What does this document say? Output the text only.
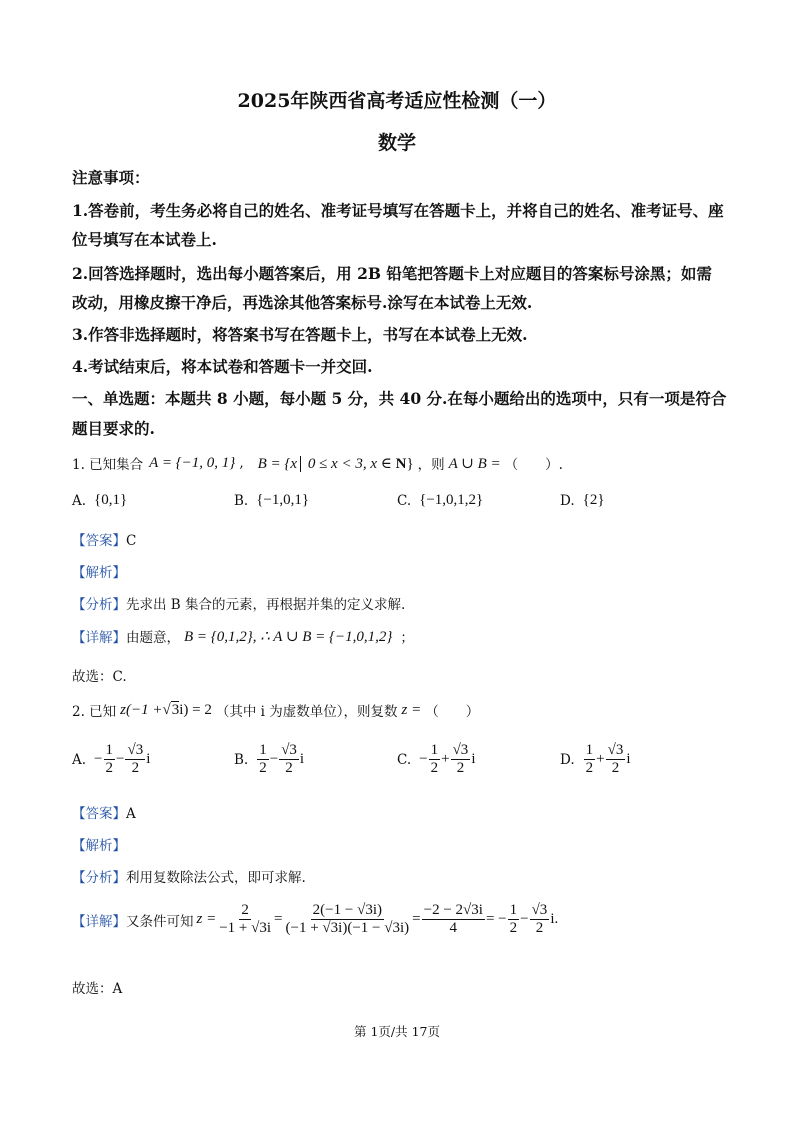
2025年陕西省高考适应性检测（一）
数学
注意事项：
1.答卷前，考生务必将自己的姓名、准考证号填写在答题卡上，并将自己的姓名、准考证号、座
位号填写在本试卷上.
2.回答选择题时，选出每小题答案后，用 2B 铅笔把答题卡上对应题目的答案标号涂黑；如需
改动，用橡皮擦干净后，再选涂其他答案标号.涂写在本试卷上无效.
3.作答非选择题时，将答案书写在答题卡上，书写在本试卷上无效.
4.考试结束后，将本试卷和答题卡一并交回.
一、单选题：本题共 8 小题，每小题 5 分，共 40 分.在每小题给出的选项中，只有一项是符合
题目要求的.
1. 已知集合 A = {−1, 0, 1} , B = {x 0 ≤ x < 3, x ∈ N} ，则 A ∪ B = （　　）.
A. {0,1}	B. {−1,0,1}	C. {−1,0,1,2}	D. {2}
【答案】C
【解析】
【分析】先求出 B 集合的元素，再根据并集的定义求解.
【详解】 由题意， B = {0,1,2}, ∴ A ∪ B = {−1,0,1,2} ；
故选：C.
2. 已知 z(−1 + √ 3 i) = 2 （其中 i 为虚数单位），则复数 z = （　　）
A. − $\frac{1}{2} - \frac{√3}{2}$ i	B. $\frac{1}{2} - \frac{√3}{2}$ i	C. − $\frac{1}{2} + \frac{√3}{2}$ i	D. $\frac{1}{2} + \frac{√3}{2}$ i
【答案】A
【解析】
【分析】利用复数除法公式，即可求解.
【详解】 又条件可知 $z = \frac{2}{-1 + √3i} = \frac{2(-1 - √3i)}{(-1 + √3i)(-1 - √3i)} = \frac{-2 - 2√3i}{4}$ = − $\frac{1}{2} - \frac{√3}{2} i$.
故选：A
第 1页/共 17页
